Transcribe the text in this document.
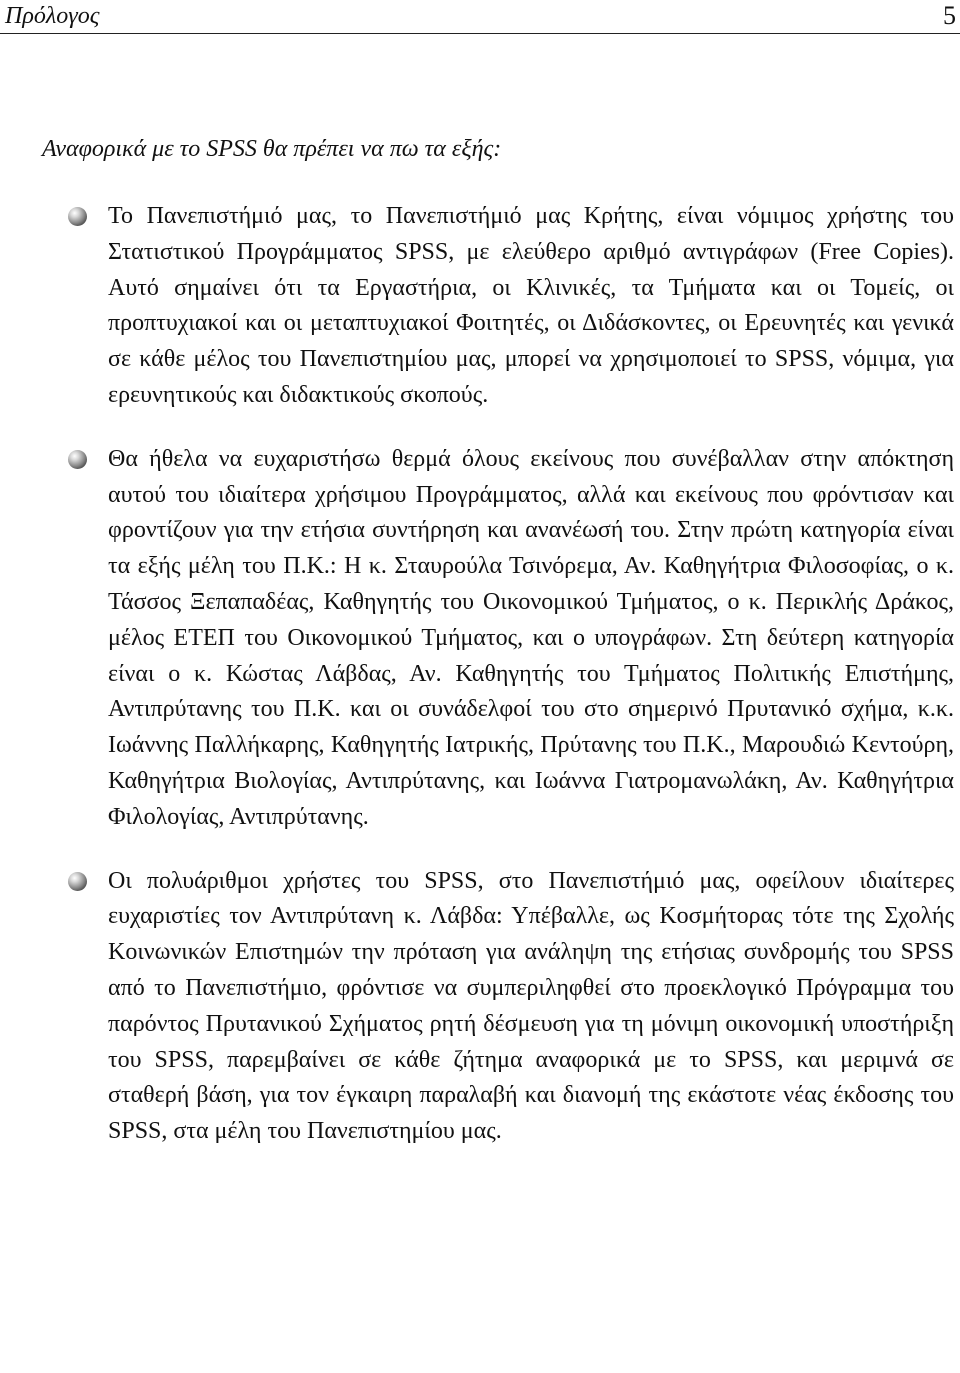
Πρόλογος	5
Αναφορικά με το SPSS θα πρέπει να πω τα εξής:
Το Πανεπιστήμιό μας, το Πανεπιστήμιό μας Κρήτης, είναι νόμιμος χρήστης του Στατιστικού Προγράμματος SPSS, με ελεύθερο αριθμό αντιγράφων (Free Copies). Αυτό σημαίνει ότι τα Εργαστήρια, οι Κλινικές, τα Τμήματα και οι Τομείς, οι προπτυχιακοί και οι μεταπτυχιακοί Φοιτητές, οι Διδάσκοντες, οι Ερευνητές και γενικά σε κάθε μέλος του Πανεπιστημίου μας, μπορεί να χρησιμοποιεί το SPSS, νόμιμα, για ερευνητικούς και διδακτικούς σκοπούς.
Θα ήθελα να ευχαριστήσω θερμά όλους εκείνους που συνέβαλλαν στην απόκτηση αυτού του ιδιαίτερα χρήσιμου Προγράμματος, αλλά και εκείνους που φρόντισαν και φροντίζουν για την ετήσια συντήρηση και ανανέωσή του. Στην πρώτη κατηγορία είναι τα εξής μέλη του Π.Κ.: Η κ. Σταυρούλα Τσινόρεμα, Αν. Καθηγήτρια Φιλοσοφίας, ο κ. Τάσσος Ξεπαπαδέας, Καθηγητής του Οικονομικού Τμήματος, ο κ. Περικλής Δράκος, μέλος ΕΤΕΠ του Οικονομικού Τμήματος, και ο υπογράφων. Στη δεύτερη κατηγορία είναι ο κ. Κώστας Λάβδας, Αν. Καθηγητής του Τμήματος Πολιτικής Επιστήμης, Αντιπρύτανης του Π.Κ. και οι συνάδελφοί του στο σημερινό Πρυτανικό σχήμα, κ.κ. Ιωάννης Παλλήκαρης, Καθηγητής Ιατρικής, Πρύτανης του Π.Κ., Μαρουδιώ Κεντούρη, Καθηγήτρια Βιολογίας, Αντιπρύτανης, και Ιωάννα Γιατρομανωλάκη, Αν. Καθηγήτρια Φιλολογίας, Αντιπρύτανης.
Οι πολυάριθμοι χρήστες του SPSS, στο Πανεπιστήμιό μας, οφείλουν ιδιαίτερες ευχαριστίες τον Αντιπρύτανη κ. Λάβδα: Υπέβαλλε, ως Κοσμήτορας τότε της Σχολής Κοινωνικών Επιστημών την πρόταση για ανάληψη της ετήσιας συνδρομής του SPSS από το Πανεπιστήμιο, φρόντισε να συμπεριληφθεί στο προεκλογικό Πρόγραμμα του παρόντος Πρυτανικού Σχήματος ρητή δέσμευση για τη μόνιμη οικονομική υποστήριξη του SPSS, παρεμβαίνει σε κάθε ζήτημα αναφορικά με το SPSS, και μεριμνά σε σταθερή βάση, για τον έγκαιρη παραλαβή και διανομή της εκάστοτε νέας έκδοσης του SPSS, στα μέλη του Πανεπιστημίου μας.
